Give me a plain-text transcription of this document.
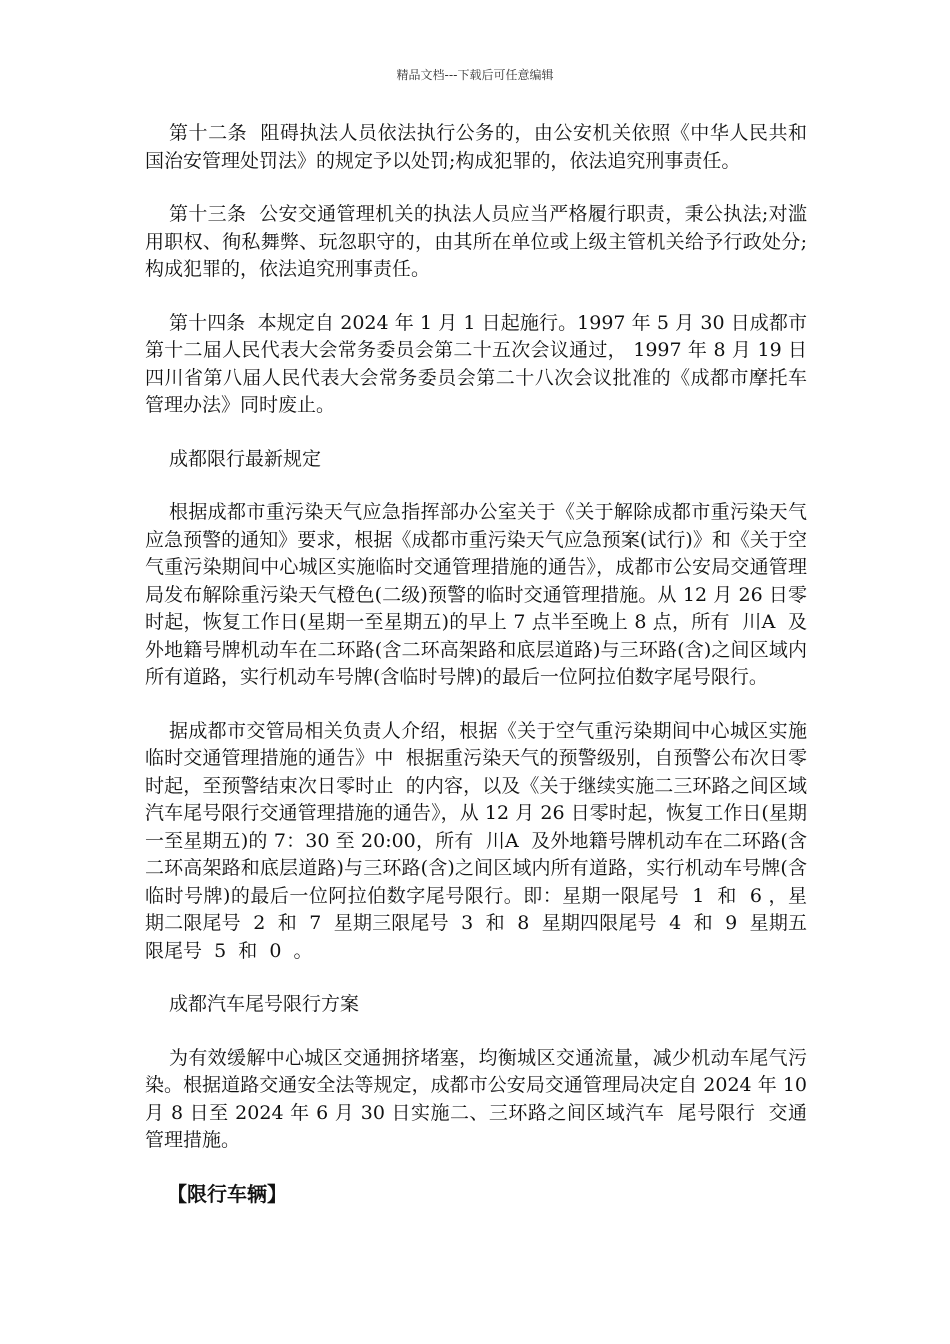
精品文档---下载后可任意编辑

第十二条  阻碍执法人员依法执行公务的，由公安机关依照《中华人民共和国治安管理处罚法》的规定予以处罚;构成犯罪的，依法追究刑事责任。

第十三条  公安交通管理机关的执法人员应当严格履行职责，秉公执法;对滥用职权、徇私舞弊、玩忽职守的，由其所在单位或上级主管机关给予行政处分;构成犯罪的，依法追究刑事责任。

第十四条  本规定自 2024 年 1 月 1 日起施行。1997 年 5 月 30 日成都市第十二届人民代表大会常务委员会第二十五次会议通过， 1997 年 8 月 19 日四川省第八届人民代表大会常务委员会第二十八次会议批准的《成都市摩托车管理办法》同时废止。

成都限行最新规定

根据成都市重污染天气应急指挥部办公室关于《关于解除成都市重污染天气应急预警的通知》要求，根据《成都市重污染天气应急预案(试行)》和《关于空气重污染期间中心城区实施临时交通管理措施的通告》，成都市公安局交通管理局发布解除重污染天气橙色(二级)预警的临时交通管理措施。从 12 月 26 日零时起，恢复工作日(星期一至星期五)的早上 7 点半至晚上 8 点，所有  川A  及外地籍号牌机动车在二环路(含二环高架路和底层道路)与三环路(含)之间区域内所有道路，实行机动车号牌(含临时号牌)的最后一位阿拉伯数字尾号限行。

据成都市交管局相关负责人介绍，根据《关于空气重污染期间中心城区实施临时交通管理措施的通告》中  根据重污染天气的预警级别，自预警公布次日零时起，至预警结束次日零时止  的内容，以及《关于继续实施二三环路之间区域汽车尾号限行交通管理措施的通告》，从 12 月 26 日零时起，恢复工作日(星期一至星期五)的 7：30 至 20:00，所有  川A  及外地籍号牌机动车在二环路(含二环高架路和底层道路)与三环路(含)之间区域内所有道路，实行机动车号牌(含临时号牌)的最后一位阿拉伯数字尾号限行。即：星期一限尾号  1  和  6 ，星期二限尾号  2  和  7  星期三限尾号  3  和  8  星期四限尾号  4  和  9  星期五限尾号  5  和  0  。

成都汽车尾号限行方案

为有效缓解中心城区交通拥挤堵塞，均衡城区交通流量，减少机动车尾气污染。根据道路交通安全法等规定，成都市公安局交通管理局决定自 2024 年 10 月 8 日至 2024 年 6 月 30 日实施二、三环路之间区域汽车  尾号限行  交通管理措施。

【限行车辆】
